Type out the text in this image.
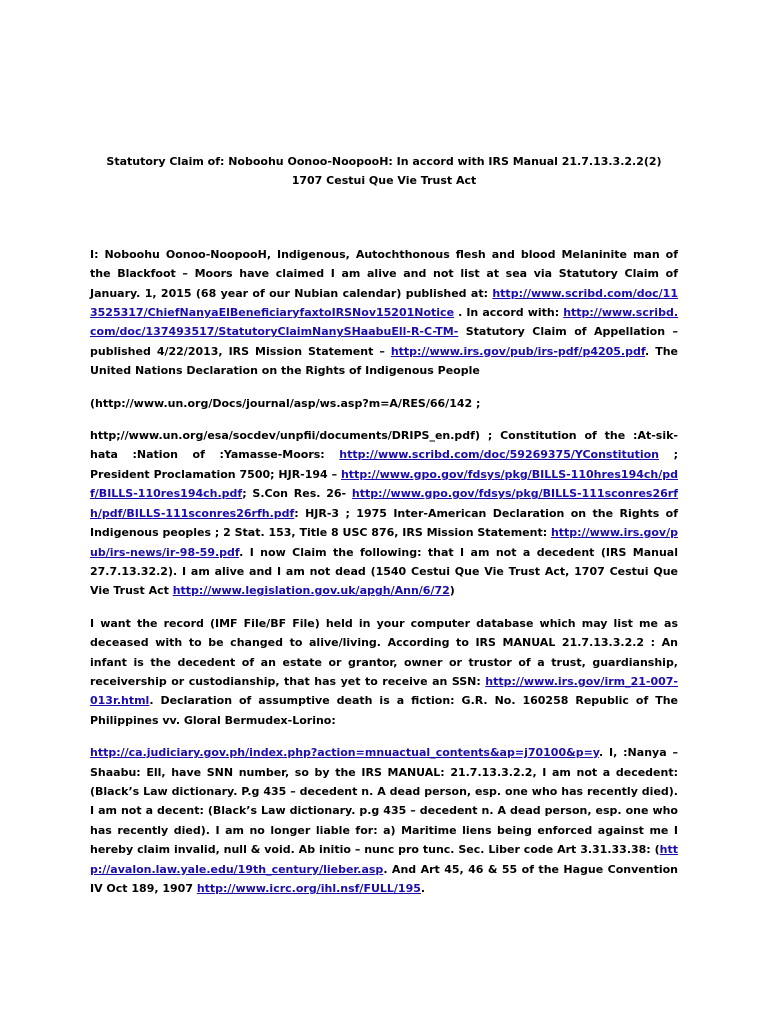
Statutory Claim of: Noboohu Oonoo-NoopooH: In accord with IRS Manual 21.7.13.3.2.2(2)
1707 Cestui Que Vie Trust Act

I: Noboohu Oonoo-NoopooH, Indigenous, Autochthonous flesh and blood Melaninite man of the Blackfoot – Moors have claimed I am alive and not list at sea via Statutory Claim of January. 1, 2015 (68 year of our Nubian calendar) published at: http://www.scribd.com/doc/113525317/ChiefNanyaElBeneficiaryfaxtoIRSNov15201Notice . In accord with: http://www.scribd.com/doc/137493517/StatutoryClaimNanySHaabuEll-R-C-TM- Statutory Claim of Appellation – published 4/22/2013, IRS Mission Statement – http://www.irs.gov/pub/irs-pdf/p4205.pdf. The United Nations Declaration on the Rights of Indigenous People

(http://www.un.org/Docs/journal/asp/ws.asp?m=A/RES/66/142 ;

http;//www.un.org/esa/socdev/unpfii/documents/DRIPS_en.pdf) ; Constitution of the :At-sik-hata :Nation of :Yamasse-Moors: http://www.scribd.com/doc/59269375/YConstitution ; President Proclamation 7500; HJR-194 – http://www.gpo.gov/fdsys/pkg/BILLS-110hres194ch/pdf/BILLS-110res194ch.pdf; S.Con Res. 26- http://www.gpo.gov/fdsys/pkg/BILLS-111sconres26rfh/pdf/BILLS-111sconres26rfh.pdf: HJR-3 ; 1975 Inter-American Declaration on the Rights of Indigenous peoples ; 2 Stat. 153, Title 8 USC 876, IRS Mission Statement: http://www.irs.gov/pub/irs-news/ir-98-59.pdf. I now Claim the following: that I am not a decedent (IRS Manual 27.7.13.32.2). I am alive and I am not dead (1540 Cestui Que Vie Trust Act, 1707 Cestui Que Vie Trust Act http://www.legislation.gov.uk/apgh/Ann/6/72)

I want the record (IMF File/BF File) held in your computer database which may list me as deceased with to be changed to alive/living. According to IRS MANUAL 21.7.13.3.2.2 : An infant is the decedent of an estate or grantor, owner or trustor of a trust, guardianship, receivership or custodianship, that has yet to receive an SSN: http://www.irs.gov/irm_21-007-013r.html. Declaration of assumptive death is a fiction: G.R. No. 160258 Republic of The Philippines vv. Gloral Bermudex-Lorino:

http://ca.judiciary.gov.ph/index.php?action=mnuactual_contents&ap=j70100&p=y. I, :Nanya – Shaabu: Ell, have SNN number, so by the IRS MANUAL: 21.7.13.3.2.2, I am not a decedent: (Black’s Law dictionary. P.g 435 – decedent n. A dead person, esp. one who has recently died). I am not a decent: (Black’s Law dictionary. p.g 435 – decedent n. A dead person, esp. one who has recently died). I am no longer liable for: a) Maritime liens being enforced against me I hereby claim invalid, null & void. Ab initio – nunc pro tunc. Sec. Liber code Art 3.31.33.38: (http://avalon.law.yale.edu/19th_century/lieber.asp. And Art 45, 46 & 55 of the Hague Convention IV Oct 189, 1907 http://www.icrc.org/ihl.nsf/FULL/195.
